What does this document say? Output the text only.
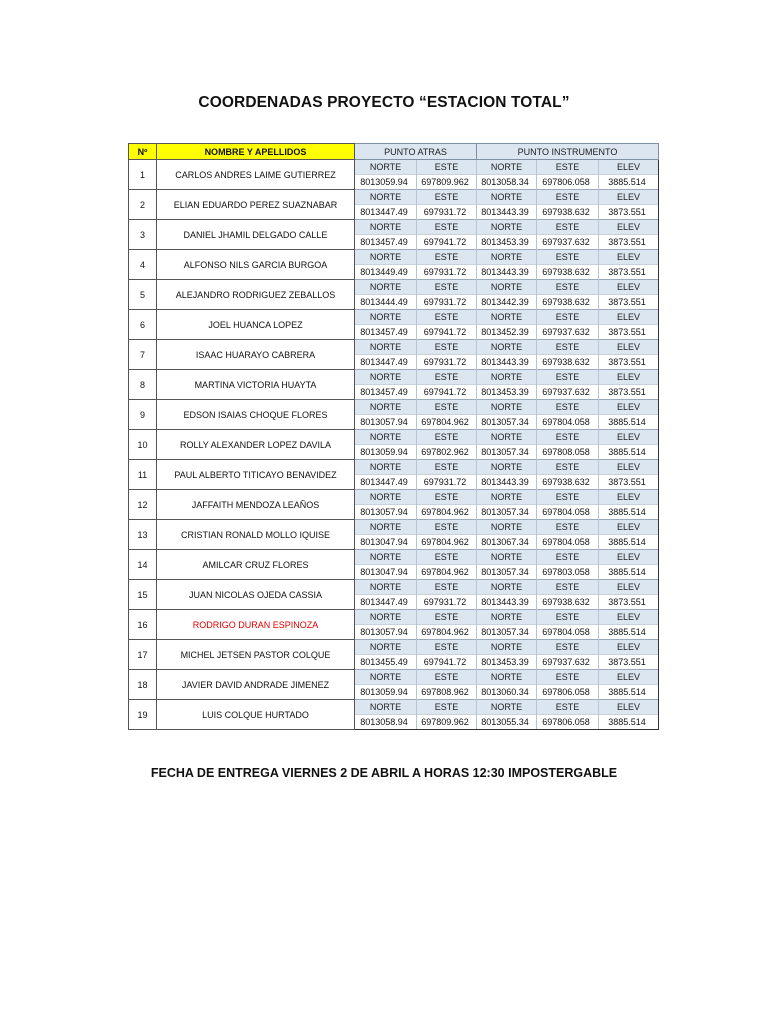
COORDENADAS PROYECTO “ESTACION TOTAL”
Nº	NOMBRE Y APELLIDOS	PUNTO ATRAS		PUNTO INSTRUMENTO		
1	CARLOS ANDRES LAIME GUTIERREZ	NORTE	ESTE	NORTE	ESTE	ELEV
		8013059.94	697809.962	8013058.34	697806.058	3885.514
2	ELIAN EDUARDO PEREZ SUAZNABAR	NORTE	ESTE	NORTE	ESTE	ELEV
		8013447.49	697931.72	8013443.39	697938.632	3873.551
3	DANIEL JHAMIL DELGADO CALLE	NORTE	ESTE	NORTE	ESTE	ELEV
		8013457.49	697941.72	8013453.39	697937.632	3873.551
4	ALFONSO NILS GARCIA BURGOA	NORTE	ESTE	NORTE	ESTE	ELEV
		8013449.49	697931.72	8013443.39	697938.632	3873.551
5	ALEJANDRO RODRIGUEZ ZEBALLOS	NORTE	ESTE	NORTE	ESTE	ELEV
		8013444.49	697931.72	8013442.39	697938.632	3873.551
6	JOEL HUANCA LOPEZ	NORTE	ESTE	NORTE	ESTE	ELEV
		8013457.49	697941.72	8013452.39	697937.632	3873.551
7	ISAAC HUARAYO CABRERA	NORTE	ESTE	NORTE	ESTE	ELEV
		8013447.49	697931.72	8013443.39	697938.632	3873.551
8	MARTINA VICTORIA HUAYTA	NORTE	ESTE	NORTE	ESTE	ELEV
		8013457.49	697941.72	8013453.39	697937.632	3873.551
9	EDSON ISAIAS CHOQUE FLORES	NORTE	ESTE	NORTE	ESTE	ELEV
		8013057.94	697804.962	8013057.34	697804.058	3885.514
10	ROLLY ALEXANDER LOPEZ DAVILA	NORTE	ESTE	NORTE	ESTE	ELEV
		8013059.94	697802.962	8013057.34	697808.058	3885.514
11	PAUL ALBERTO TITICAYO BENAVIDEZ	NORTE	ESTE	NORTE	ESTE	ELEV
		8013447.49	697931.72	8013443.39	697938.632	3873.551
12	JAFFAITH MENDOZA LEAÑOS	NORTE	ESTE	NORTE	ESTE	ELEV
		8013057.94	697804.962	8013057.34	697804.058	3885.514
13	CRISTIAN RONALD MOLLO IQUISE	NORTE	ESTE	NORTE	ESTE	ELEV
		8013047.94	697804.962	8013067.34	697804.058	3885.514
14	AMILCAR CRUZ FLORES	NORTE	ESTE	NORTE	ESTE	ELEV
		8013047.94	697804.962	8013057.34	697803.058	3885.514
15	JUAN NICOLAS OJEDA CASSIA	NORTE	ESTE	NORTE	ESTE	ELEV
		8013447.49	697931.72	8013443.39	697938.632	3873.551
16	RODRIGO DURAN ESPINOZA	NORTE	ESTE	NORTE	ESTE	ELEV
		8013057.94	697804.962	8013057.34	697804.058	3885.514
17	MICHEL JETSEN PASTOR COLQUE	NORTE	ESTE	NORTE	ESTE	ELEV
		8013455.49	697941.72	8013453.39	697937.632	3873.551
18	JAVIER DAVID ANDRADE JIMENEZ	NORTE	ESTE	NORTE	ESTE	ELEV
		8013059.94	697808.962	8013060.34	697806.058	3885.514
19	LUIS COLQUE HURTADO	NORTE	ESTE	NORTE	ESTE	ELEV
		8013058.94	697809.962	8013055.34	697806.058	3885.514
FECHA DE ENTREGA VIERNES 2 DE ABRIL A HORAS 12:30 IMPOSTERGABLE
